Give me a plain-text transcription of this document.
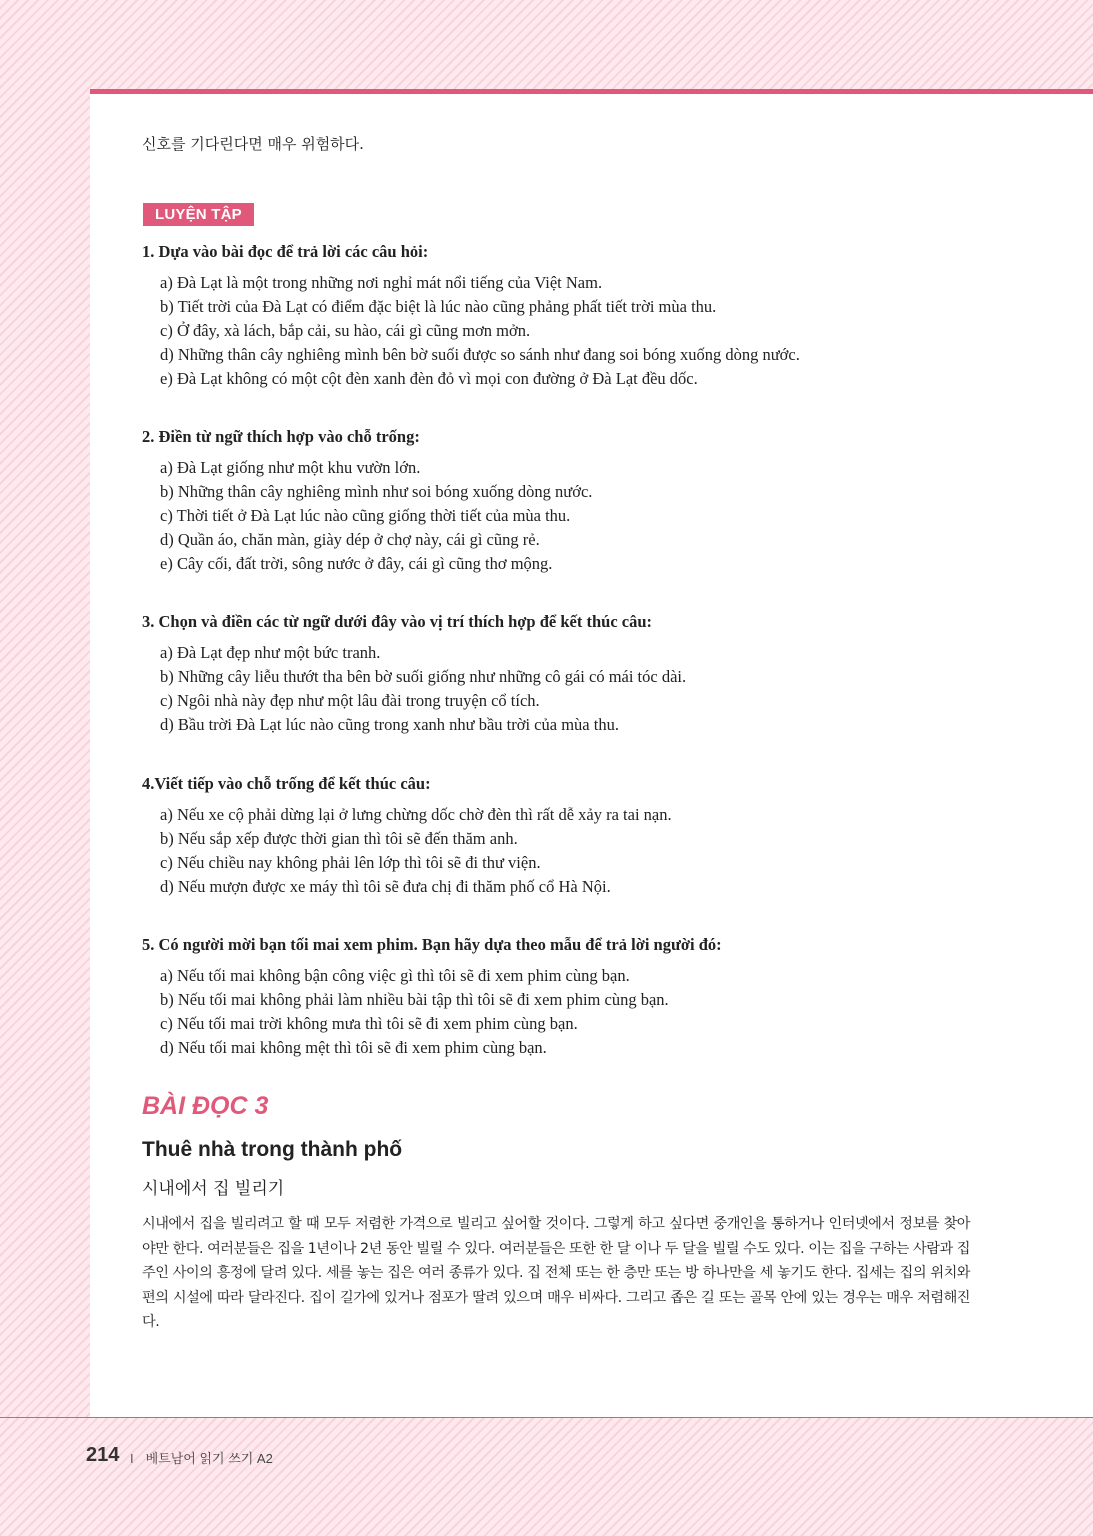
신호를 기다린다면 매우 위험하다.
LUYỆN TẬP
1. Dựa vào bài đọc để trả lời các câu hỏi:
a) Đà Lạt là một trong những nơi nghỉ mát nổi tiếng của Việt Nam.
b) Tiết trời của Đà Lạt có điểm đặc biệt là lúc nào cũng phảng phất tiết trời mùa thu.
c) Ở đây, xà lách, bắp cải, su hào, cái gì cũng mơn mởn.
d) Những thân cây nghiêng mình bên bờ suối được so sánh như đang soi bóng xuống dòng nước.
e) Đà Lạt không có một cột đèn xanh đèn đỏ vì mọi con đường ở Đà Lạt đều dốc.
2. Điền từ ngữ thích hợp vào chỗ trống:
a) Đà Lạt giống như một khu vườn lớn.
b) Những thân cây nghiêng mình như soi bóng xuống dòng nước.
c) Thời tiết ở Đà Lạt lúc nào cũng giống thời tiết của mùa thu.
d) Quần áo, chăn màn, giày dép ở chợ này, cái gì cũng rẻ.
e) Cây cối, đất trời, sông nước ở đây, cái gì cũng thơ mộng.
3. Chọn và điền các từ ngữ dưới đây vào vị trí thích hợp để kết thúc câu:
a) Đà Lạt đẹp như một bức tranh.
b) Những cây liễu thướt tha bên bờ suối giống như những cô gái có mái tóc dài.
c) Ngôi nhà này đẹp như một lâu đài trong truyện cổ tích.
d) Bầu trời Đà Lạt lúc nào cũng trong xanh như bầu trời của mùa thu.
4.Viết tiếp vào chỗ trống để kết thúc câu:
a) Nếu xe cộ phải dừng lại ở lưng chừng dốc chờ đèn thì rất dễ xảy ra tai nạn.
b) Nếu sắp xếp được thời gian thì tôi sẽ đến thăm anh.
c) Nếu chiều nay không phải lên lớp thì tôi sẽ đi thư viện.
d) Nếu mượn được xe máy thì tôi sẽ đưa chị đi thăm phố cổ Hà Nội.
5. Có người mời bạn tối mai xem phim. Bạn hãy dựa theo mẫu để trả lời người đó:
a) Nếu tối mai không bận công việc gì thì tôi sẽ đi xem phim cùng bạn.
b) Nếu tối mai không phải làm nhiều bài tập thì tôi sẽ đi xem phim cùng bạn.
c) Nếu tối mai trời không mưa thì tôi sẽ đi xem phim cùng bạn.
d) Nếu tối mai không mệt thì tôi sẽ đi xem phim cùng bạn.
BÀI ĐỌC 3
Thuê nhà trong thành phố
시내에서 집 빌리기
시내에서 집을 빌리려고 할 때 모두 저렴한 가격으로 빌리고 싶어할 것이다. 그렇게 하고 싶다면 중개인을 통하거나 인터넷에서 정보를 찾아야만 한다. 여러분들은 집을 1년이나 2년 동안 빌릴 수 있다. 여러분들은 또한 한 달 이나 두 달을 빌릴 수도 있다. 이는 집을 구하는 사람과 집 주인 사이의 흥정에 달려 있다. 세를 놓는 집은 여러 종류가 있다. 집 전체 또는 한 층만 또는 방 하나만을 세 놓기도 한다. 집세는 집의 위치와 편의 시설에 따라 달라진다. 집이 길가에 있거나 점포가 딸려 있으며 매우 비싸다. 그리고 좁은 길 또는 골목 안에 있는 경우는 매우 저렴해진다.
214 I 베트남어 읽기 쓰기 A2
